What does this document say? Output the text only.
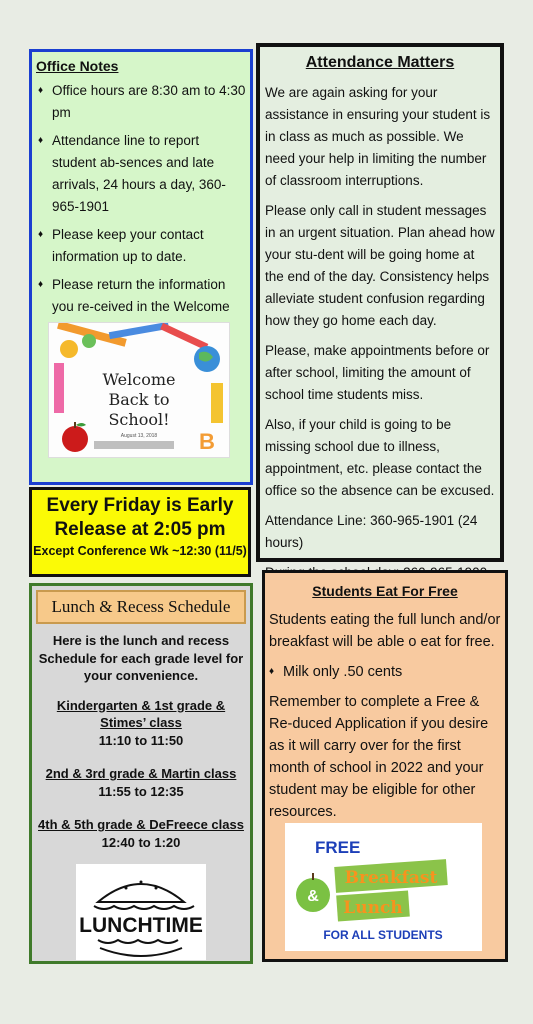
Office Notes
♦ Office hours are 8:30 am to 4:30 pm
♦ Attendance line to report student ab-sences and late arrivals, 24 hours a day, 360-965-1901
♦ Please keep your contact information up to date.
♦ Please return the information you re-ceived in the Welcome
B
Welcome
Back to
School!
August 13, 2018
Every Friday is Early
Release at 2:05 pm
Except Conference Wk ~12:30 (11/5)
Attendance Matters

We are again asking for your assistance in ensuring your student is in class as much as possible. We need your help in limiting the number of classroom interruptions.

Please only call in student messages in an urgent situation. Plan ahead how your stu-dent will be going home at the end of the day. Consistency helps alleviate student confusion regarding how they go home each day.

Please, make appointments before or after school, limiting the amount of school time students miss.

Also, if your child is going to be missing school due to illness, appointment, etc. please contact the office so the absence can be excused.

Attendance Line: 360-965-1901 (24 hours)

Lunch & Recess Schedule
Here is the lunch and recess Schedule for each grade level for your convenience.
Kindergarten & 1st grade & Stimes’ class
11:10 to 11:50
2nd & 3rd grade & Martin class
11:55 to 12:35
4th & 5th grade & DeFreece class
12:40 to 1:20
LUNCHTIME
Students Eat For Free

Students eating the full lunch and/or breakfast will be able o eat for free.

♦ Milk only .50 cents

Remember to complete a Free & Re-duced Application if you desire as it will carry over for the first month of school in 2022 and your student may be eligible for other resources.

FREE
&
Breakfast
Lunch
FOR ALL STUDENTS
